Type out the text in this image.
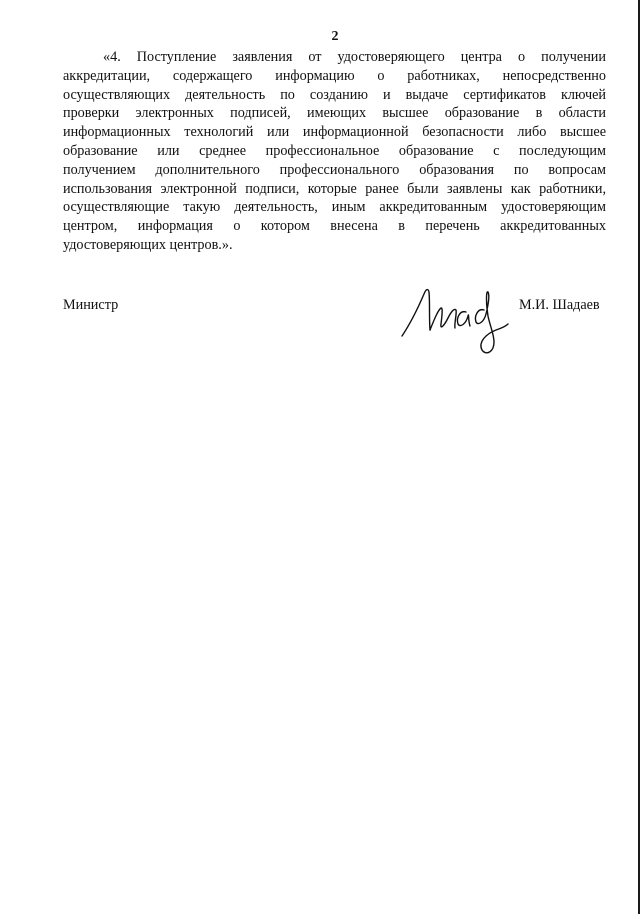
2
«4. Поступление заявления от удостоверяющего центра о получении
аккредитации, содержащего информацию о работниках, непосредственно
осуществляющих деятельность по созданию и выдаче сертификатов ключей
проверки электронных подписей, имеющих высшее образование в области
информационных технологий или информационной безопасности либо высшее
образование или среднее профессиональное образование с последующим
получением дополнительного профессионального образования по вопросам
использования электронной подписи, которые ранее были заявлены как работники,
осуществляющие такую деятельность, иным аккредитованным удостоверяющим
центром, информация о котором внесена в перечень аккредитованных
удостоверяющих центров.».
Министр	М.И. Шадаев
